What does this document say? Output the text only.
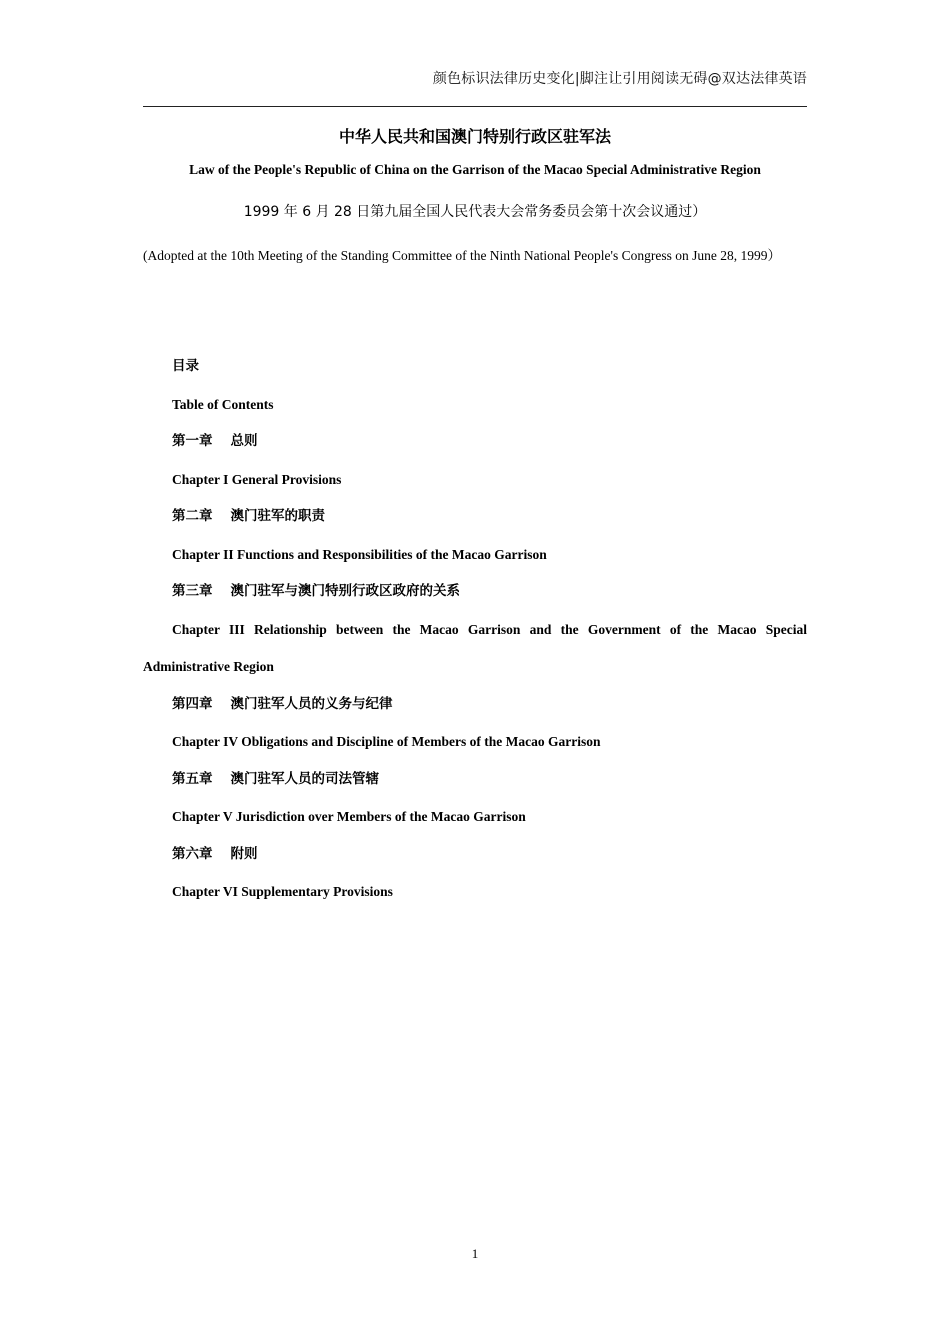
颜色标识法律历史变化|脚注让引用阅读无碍@双达法律英语
中华人民共和国澳门特别行政区驻军法
Law of the People's Republic of China on the Garrison of the Macao Special Administrative Region
1999 年 6 月 28 日第九届全国人民代表大会常务委员会第十次会议通过）
(Adopted at the 10th Meeting of the Standing Committee of the Ninth National People's Congress on June 28, 1999）
目录
Table of Contents
第一章 总则
Chapter I General Provisions
第二章 澳门驻军的职责
Chapter II Functions and Responsibilities of the Macao Garrison
第三章 澳门驻军与澳门特别行政区政府的关系
Chapter III Relationship between the Macao Garrison and the Government of the Macao Special Administrative Region
第四章 澳门驻军人员的义务与纪律
Chapter IV Obligations and Discipline of Members of the Macao Garrison
第五章 澳门驻军人员的司法管辖
Chapter V Jurisdiction over Members of the Macao Garrison
第六章 附则
Chapter VI Supplementary Provisions
1
